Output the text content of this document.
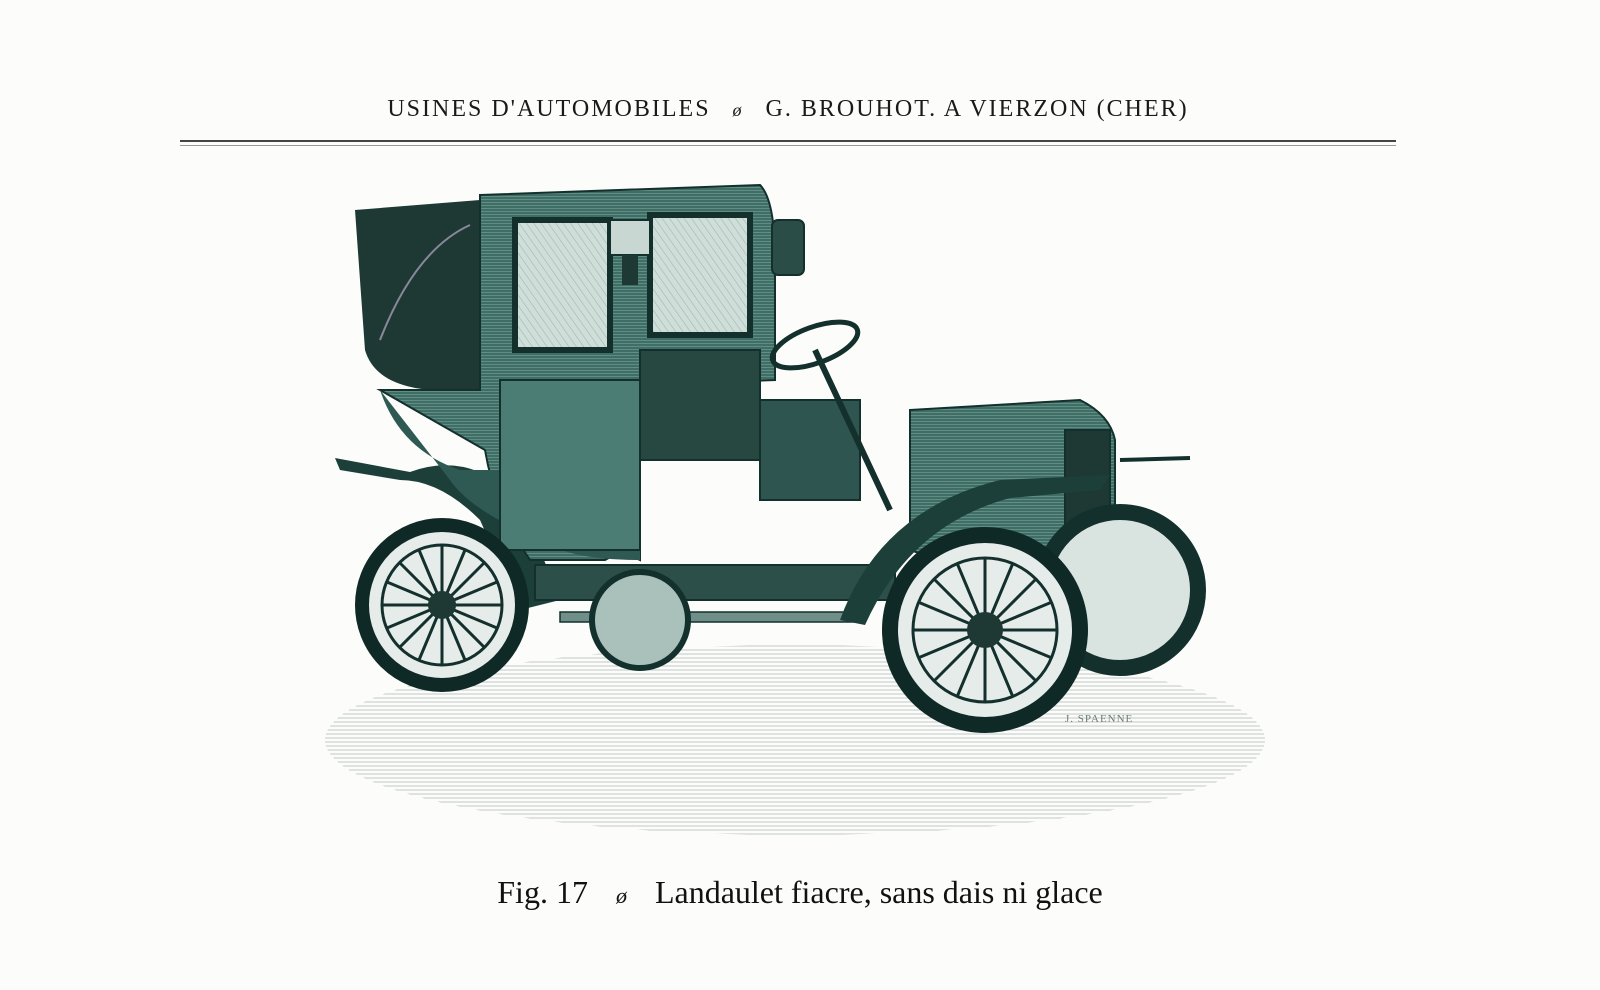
USINES D'AUTOMOBILES ø G. BROUHOT. A VIERZON (CHER)
J. SPAENNE
Fig. 17 ø Landaulet fiacre, sans dais ni glace
